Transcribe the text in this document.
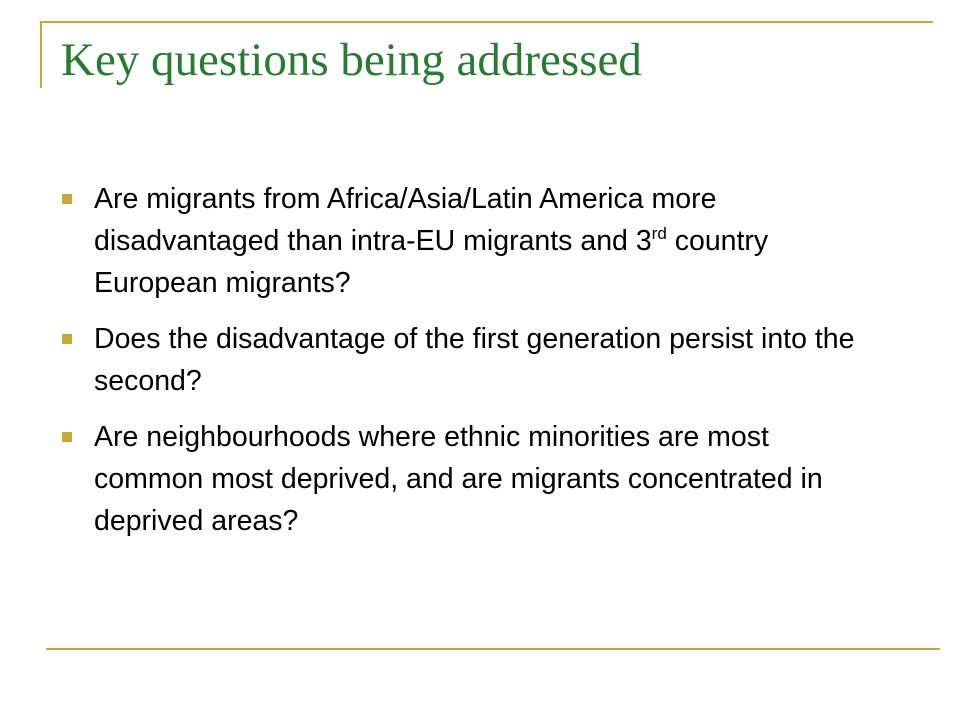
Key questions being addressed
Are migrants from Africa/Asia/Latin America more disadvantaged than intra-EU migrants and 3rd country European migrants?
Does the disadvantage of the first generation persist into the second?
Are neighbourhoods where ethnic minorities are most common most deprived, and are migrants concentrated in deprived areas?
